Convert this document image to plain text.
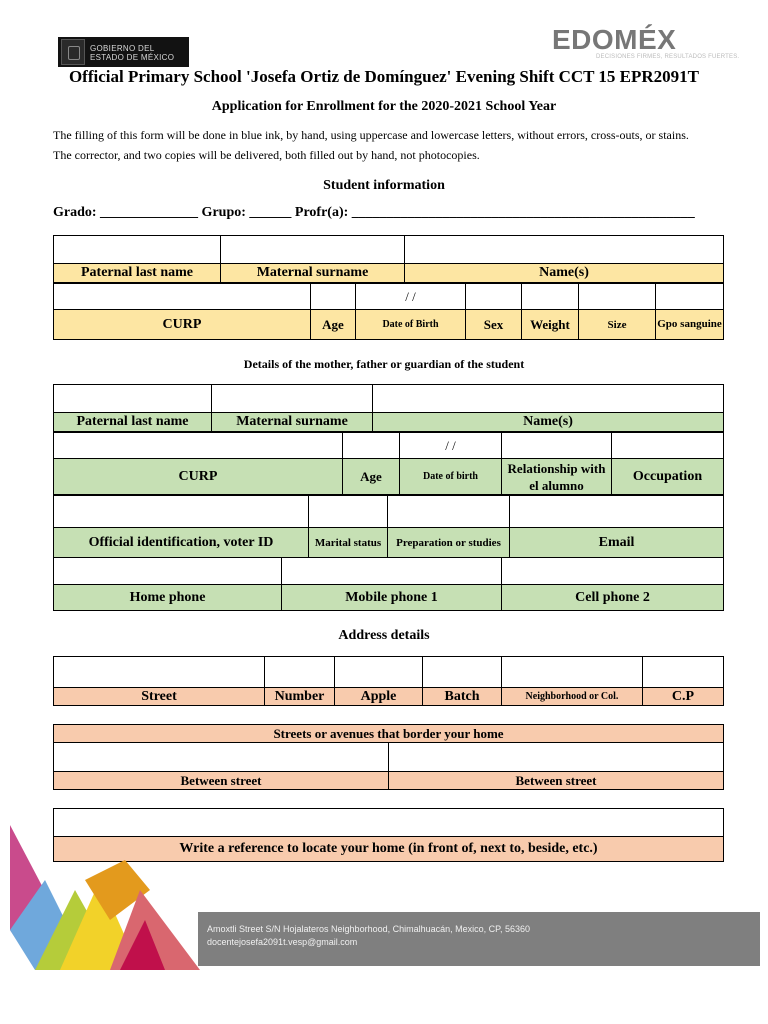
GOBIERNO DEL
ESTADO DE MÉXICO
EDOMÉX
DECISIONES FIRMES, RESULTADOS FUERTES.
Official Primary School 'Josefa Ortiz de Domínguez' Evening Shift CCT 15 EPR2091T
Application for Enrollment for the 2020-2021 School Year
The filling of this form will be done in blue ink, by hand, using uppercase and lowercase letters, without errors, cross-outs, or stains.
The corrector, and two copies will be delivered, both filled out by hand, not photocopies.
Student information
Grado: ______________ Grupo: ______ Profr(a): _________________________________________________

Paternal last name	Maternal surname	Name(s)
		/ /				
CURP	Age	Date of Birth	Sex	Weight	Size	Gpo sanguine
Details of the mother, father or guardian of the student

Paternal last name	Maternal surname	Name(s)
		/ /		
CURP	Age	Date of birth	Relationship with el alumno	Occupation

Official identification, voter ID	Marital status	Preparation or studies	Email

Home phone	Mobile phone 1	Cell phone 2
Address details

Street	Number	Apple	Batch	Neighborhood or Col.	C.P
Streets or avenues that border your home	

Between street	Between street

Write a reference to locate your home (in front of, next to, beside, etc.)
Amoxtli Street S/N Hojalateros Neighborhood, Chimalhuacán, Mexico, CP, 56360
docentejosefa2091t.vesp@gmail.com
